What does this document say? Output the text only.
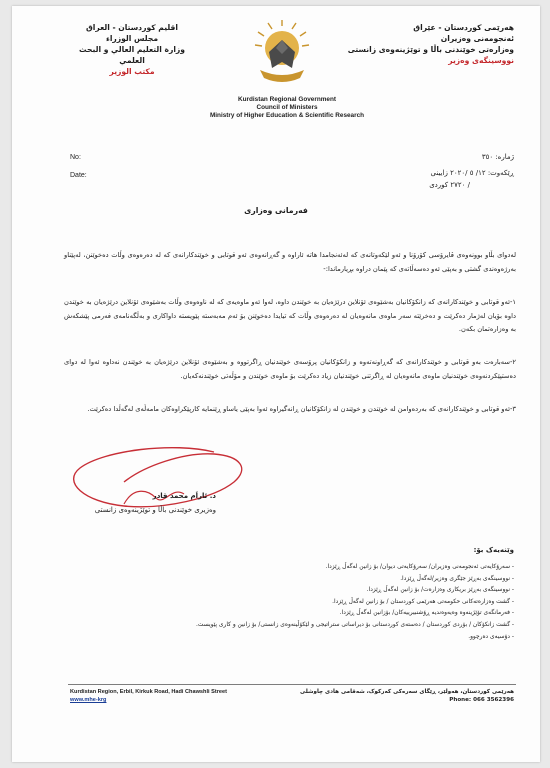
هەرێمی کوردستان - عێراق
ئەنجومەنی وەزیران
وەزارەتی خوێندنی باڵا و توێژینەوەی زانستی
نووسینگەی وەزیر
اقليم كوردستان - العراق
مجلس الوزراء
وزارة التعليم العالي و البحث العلمي
مكتب الوزير
Kurdistan Regional Government
Council of Ministers
Ministry of Higher Education & Scientific Research
No:
Date:
ژمارە: ٣٥٠
ڕێکەوت: ١٢/ ٥ /٢٠٢٠ زایینی
/ ٢٧٢٠ کوردی
فەرمانی وەزاری

لەدوای بڵاو بوونەوەی ڤایرۆسی کۆرۆنا و ئەو لێکەوتانەی کە لەئەنجامدا هاتە ئاراوە و گەڕانەوەی ئەو قوتابی و خوێندکارانەی کە لە دەرەوەی وڵات دەخوێنن، لەپێناو بەرژەوەندی گشتی و بەپێی ئەو دەسەڵاتەی کە پێمان دراوە بڕیارماندا:-

١-ئەو قوتابی و خوێندکارانەی کە زانکۆکانیان بەشێوەی ئۆنلاین درێژەیان بە خوێندن داوە، لەوا ئەو ماوەیەی کە لە ناوەوەی وڵات بەشێوەی ئۆنلاین درێژەیان بە خوێندن داوە بۆیان لەژمار دەکرێت و دەخرێتە سەر ماوەی مانەوەیان لە دەرەوەی وڵات کە تیایدا دەخوێنن بۆ ئەم مەبەستە پێویستە داواکاری و بەڵگەنامەی فەرمی پێشکەش بە وەزارەتمان بکەن.

٢-سەبارەت بەو قوتابی و خوێندکارانەی کە گەڕاونەتەوە و زانکۆکانیان پرۆسەی خوێندنیان ڕاگرتووە و بەشێوەی ئۆنلاین درێژەیان بە خوێندن نەداوە ئەوا لە دوای دەستپێکردنەوەی خوێندنیان ماوەی مانەوەیان لە ڕاگرتنی خوێندنیان زیاد دەکرێت بۆ ماوەی خوێندن و مۆڵەتی خوێندنەکەیان.

٣-ئەو قوتابی و خوێندکارانەی کە بەردەوامن لە خوێندن و خوێندن لە زانکۆکانیان ڕانەگیراوە ئەوا بەپێی یاساو ڕێنمایە کارپێکراوەکان مامەڵەی لەگەڵدا دەکرێت.

د. ئاراَم محمد قادر
وەزیری خوێندنی باڵا و توێژینەوەی زانستی
وێنەیەک بۆ:
- سەرۆکایەتی ئەنجومەنی وەزیران/ سەرۆکایەتی دیوان/ بۆ زانین لەگەڵ ڕێزدا.
- نووسینگەی بەڕێز جێگری وەزیر/لەگەڵ ڕێزدا.
- نووسینگەی بەڕێز بریکاری وەزارەت/ بۆ زانین لەگەڵ ڕێزدا.
- گشت وەزارەتەکانی حکومەتی هەرێمی کوردستان / بۆ زانین لەگەڵ ڕێزدا.
- فەرمانگەی تۆێژینەوە وەیەوەندیە ڕۆشنبیرییەکان/ بۆزانین لەگەڵ ڕێزدا.
- گشت زانکۆکان / بۆردی کوردستان / دەستەی کوردستانی بۆ دیراساتی ستراتیجی و لێکۆڵینەوەی زانستی/ بۆ زانین و کاری پێویست.
- دۆسیەی دەرچوو.
Kurdistan Region, Erbil, Kirkuk Road, Hadi Chawshli Street
www.mhe-krg
هەرێمی کوردستان، هەولێر، ڕێگای سەرەکی کەرکوک، شەقامی هادی چاوشلی
Phone: 066 3562396
